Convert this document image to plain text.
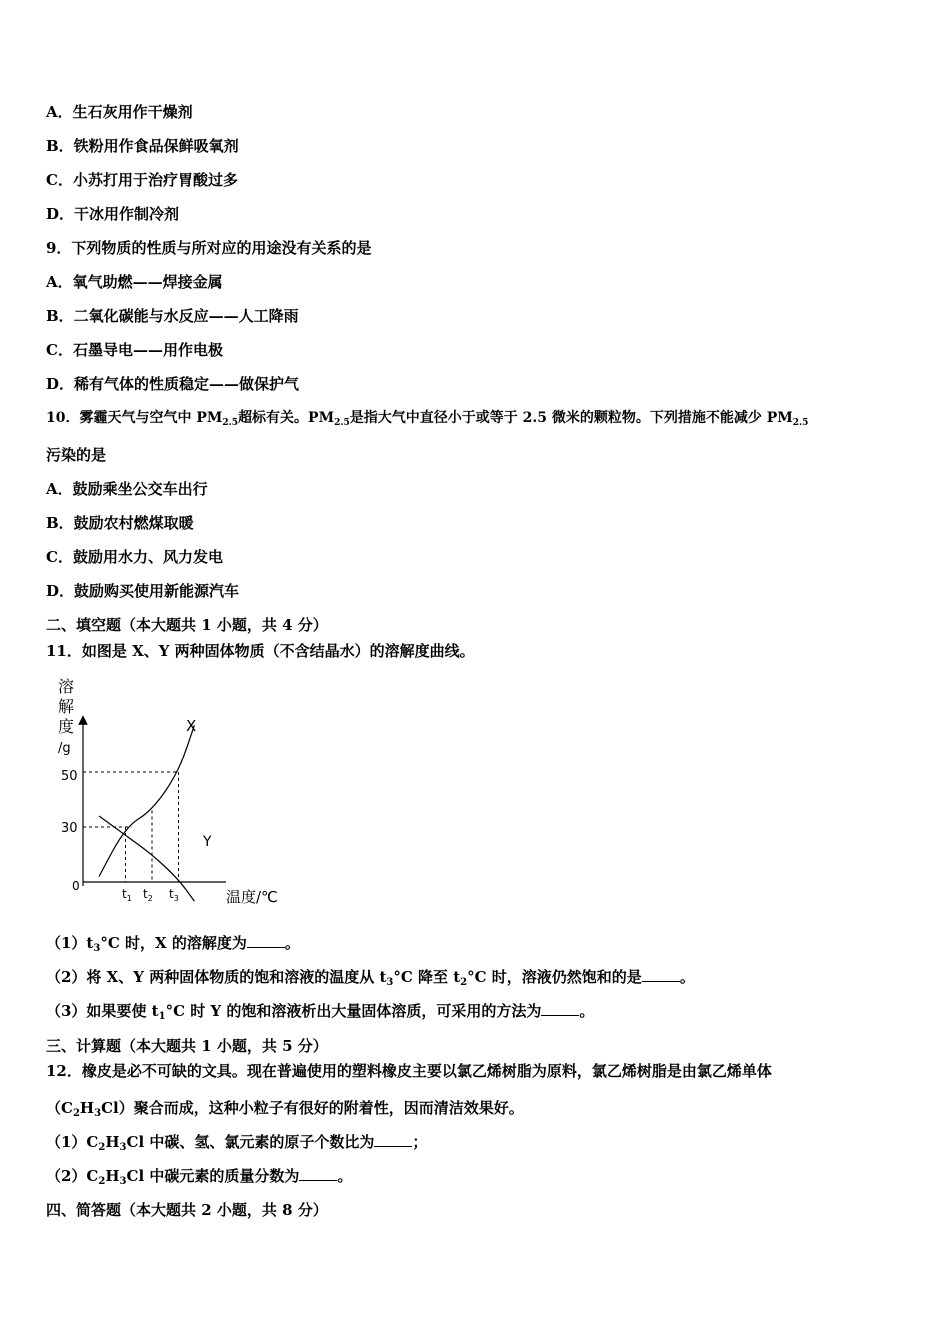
A．生石灰用作干燥剂
B．铁粉用作食品保鲜吸氧剂
C．小苏打用于治疗胃酸过多
D．干冰用作制冷剂
9．下列物质的性质与所对应的用途没有关系的是
A．氧气助燃——焊接金属
B．二氧化碳能与水反应——人工降雨
C．石墨导电——用作电极
D．稀有气体的性质稳定——做保护气
10．雾霾天气与空气中 $PM_{2.5}$超标有关。$PM_{2.5}$是指大气中直径小于或等于 2.5 微米的颗粒物。下列措施不能减少 $PM_{2.5}$
污染的是
A．鼓励乘坐公交车出行
B．鼓励农村燃煤取暖
C．鼓励用水力、风力发电
D．鼓励购买使用新能源汽车
二、填空题（本大题共 1 小题，共 4 分）
11．如图是 X、Y 两种固体物质（不含结晶水）的溶解度曲线。
溶
解
度
/g
X
Y
50
30
0
$t_1$ $t_2$ $t_3$	温度/℃
$(1)t_3^\circ C$ 时，X 的溶解度为	。
（2）将 X、Y 两种固体物质的饱和溶液的温度从 $t_3^\circ C$ 降至 $t_2^\circ C$ 时，溶液仍然饱和的是	。
（3）如果要使 $t_1^\circ C$ 时 Y 的饱和溶液析出大量固体溶质，可采用的方法为	。
三、计算题（本大题共 1 小题，共 5 分）
12．橡皮是必不可缺的文具。现在普遍使用的塑料橡皮主要以氯乙烯树脂为原料，氯乙烯树脂是由氯乙烯单体
$(C_2H_3Cl)$聚合而成，这种小粒子有很好的附着性，因而清洁效果好。
$(1)C_2H_3Cl$ 中碳、氢、氯元素的原子个数比为	；
$(2)C_2H_3Cl$ 中碳元素的质量分数为	。
四、简答题（本大题共 2 小题，共 8 分）
